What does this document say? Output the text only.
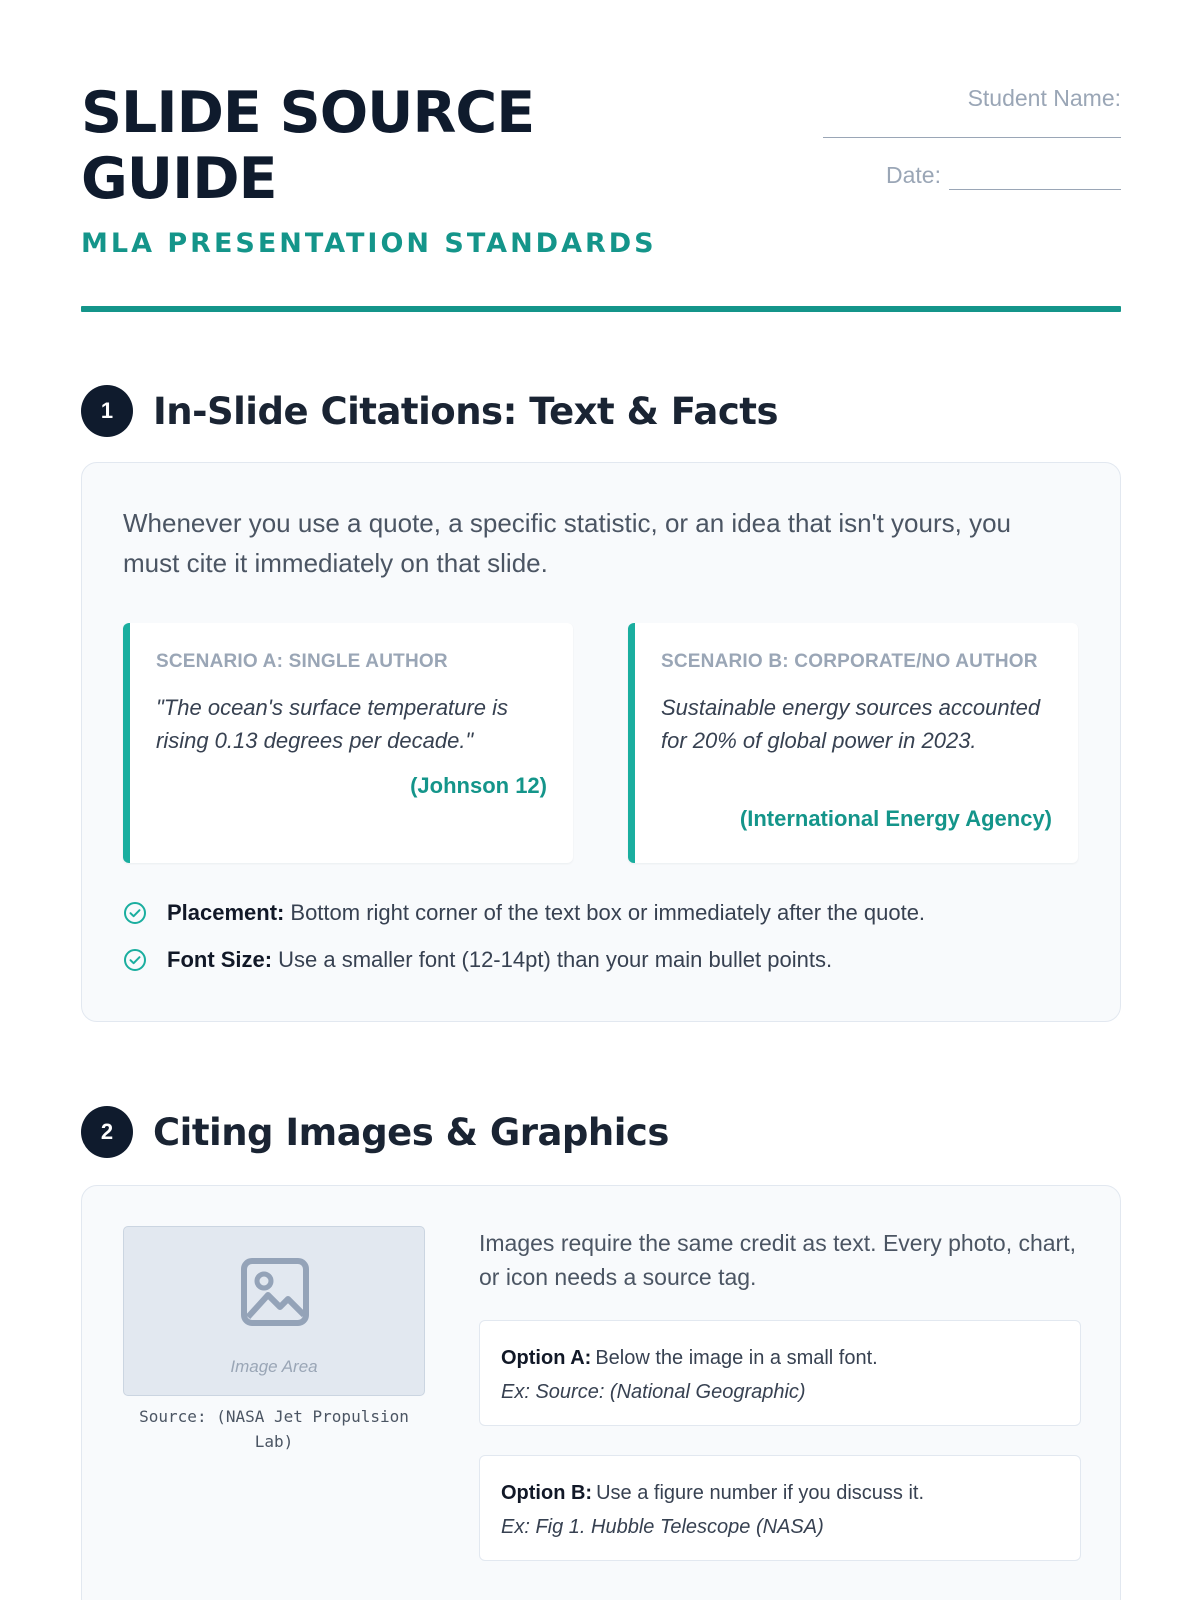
SLIDE SOURCE GUIDE
MLA PRESENTATION STANDARDS
Student Name:
Date:
1	In-Slide Citations: Text & Facts

Whenever you use a quote, a specific statistic, or an idea that isn't yours, you must cite it immediately on that slide.

SCENARIO A: SINGLE AUTHOR
"The ocean's surface temperature is rising 0.13 degrees per decade."
(Johnson 12)
SCENARIO B: CORPORATE/NO AUTHOR
Sustainable energy sources accounted for 20% of global power in 2023.
(International Energy Agency)
Placement: Bottom right corner of the text box or immediately after the quote.
Font Size: Use a smaller font (12-14pt) than your main bullet points.
2	Citing Images & Graphics
Image Area
Source: (NASA Jet Propulsion Lab)

Images require the same credit as text. Every photo, chart, or icon needs a source tag.

Option A: Below the image in a small font.
Ex: Source: (National Geographic)
Option B: Use a figure number if you discuss it.
Ex: Fig 1. Hubble Telescope (NASA)
